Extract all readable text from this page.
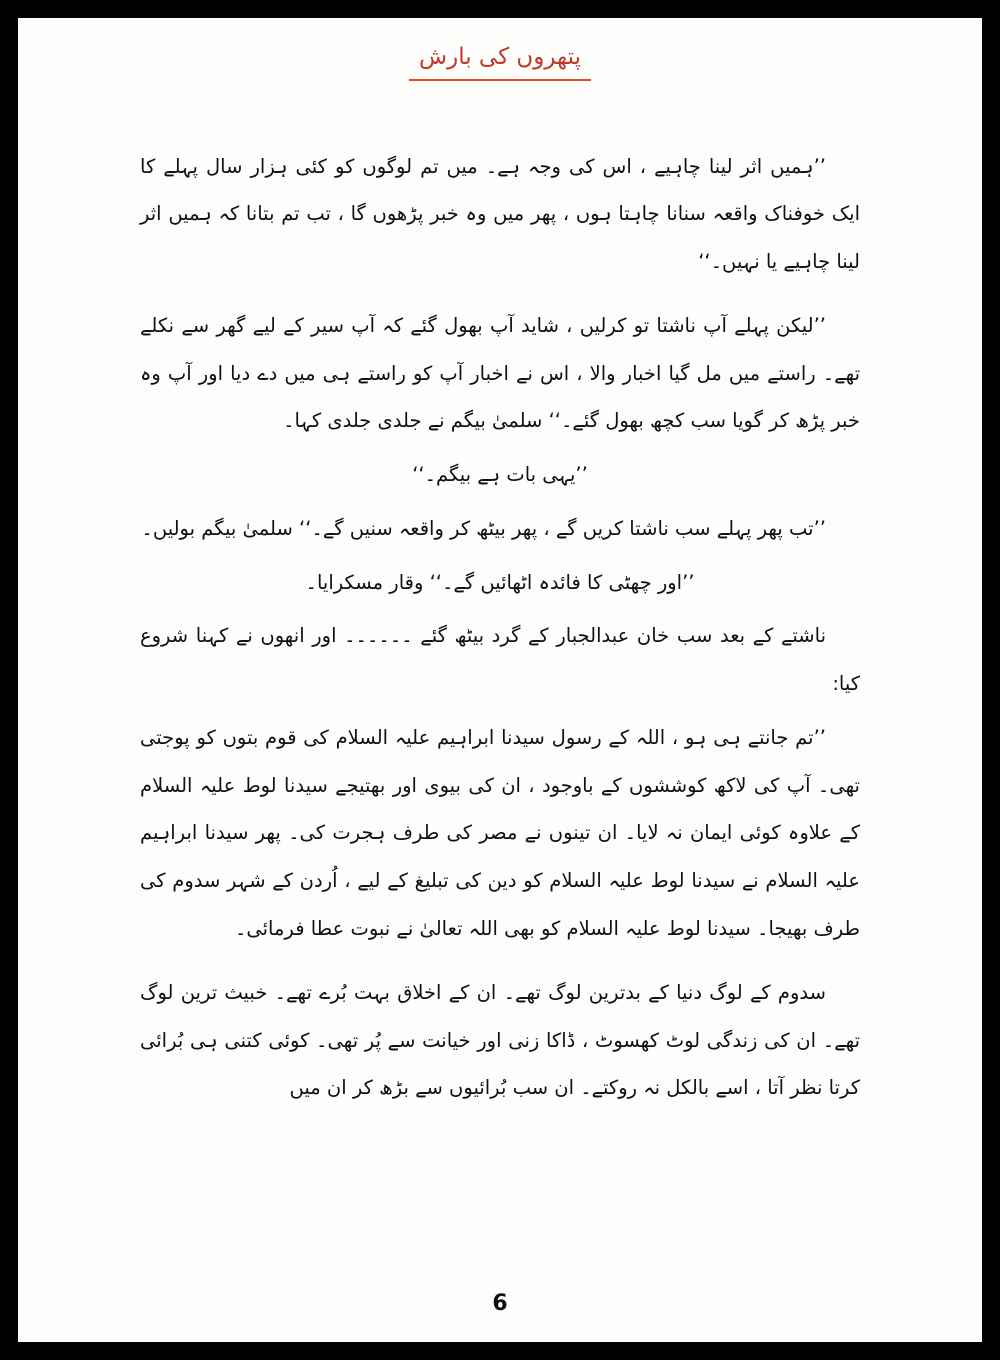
پتھروں کی بارش

’’ہمیں اثر لینا چاہیے ، اس کی وجہ ہے۔ میں تم لوگوں کو کئی ہزار سال پہلے کا ایک خوفناک واقعہ سنانا چاہتا ہوں ، پھر میں وہ خبر پڑھوں گا ، تب تم بتانا کہ ہمیں اثر لینا چاہیے یا نہیں۔‘‘

’’لیکن پہلے آپ ناشتا تو کرلیں ، شاید آپ بھول گئے کہ آپ سیر کے لیے گھر سے نکلے تھے۔ راستے میں مل گیا اخبار والا ، اس نے اخبار آپ کو راستے ہی میں دے دیا اور آپ وہ خبر پڑھ کر گویا سب کچھ بھول گئے۔‘‘ سلمیٰ بیگم نے جلدی جلدی کہا۔

’’یہی بات ہے بیگم۔‘‘

’’تب پھر پہلے سب ناشتا کریں گے ، پھر بیٹھ کر واقعہ سنیں گے۔‘‘ سلمیٰ بیگم بولیں۔

’’اور چھٹی کا فائدہ اٹھائیں گے۔‘‘ وقار مسکرایا۔

ناشتے کے بعد سب خان عبدالجبار کے گرد بیٹھ گئے ۔۔۔۔۔۔ اور انھوں نے کہنا شروع کیا:

’’تم جانتے ہی ہو ، اللہ کے رسول سیدنا ابراہیم علیہ السلام کی قوم بتوں کو پوجتی تھی۔ آپ کی لاکھ کوششوں کے باوجود ، ان کی بیوی اور بھتیجے سیدنا لوط علیہ السلام کے علاوہ کوئی ایمان نہ لایا۔ ان تینوں نے مصر کی طرف ہجرت کی۔ پھر سیدنا ابراہیم علیہ السلام نے سیدنا لوط علیہ السلام کو دین کی تبلیغ کے لیے ، اُردن کے شہر سدوم کی طرف بھیجا۔ سیدنا لوط علیہ السلام کو بھی اللہ تعالیٰ نے نبوت عطا فرمائی۔

سدوم کے لوگ دنیا کے بدترین لوگ تھے۔ ان کے اخلاق بہت بُرے تھے۔ خبیث ترین لوگ تھے۔ ان کی زندگی لوٹ کھسوٹ ، ڈاکا زنی اور خیانت سے پُر تھی۔ کوئی کتنی ہی بُرائی کرتا نظر آتا ، اسے بالکل نہ روکتے۔ ان سب بُرائیوں سے بڑھ کر ان میں

6
